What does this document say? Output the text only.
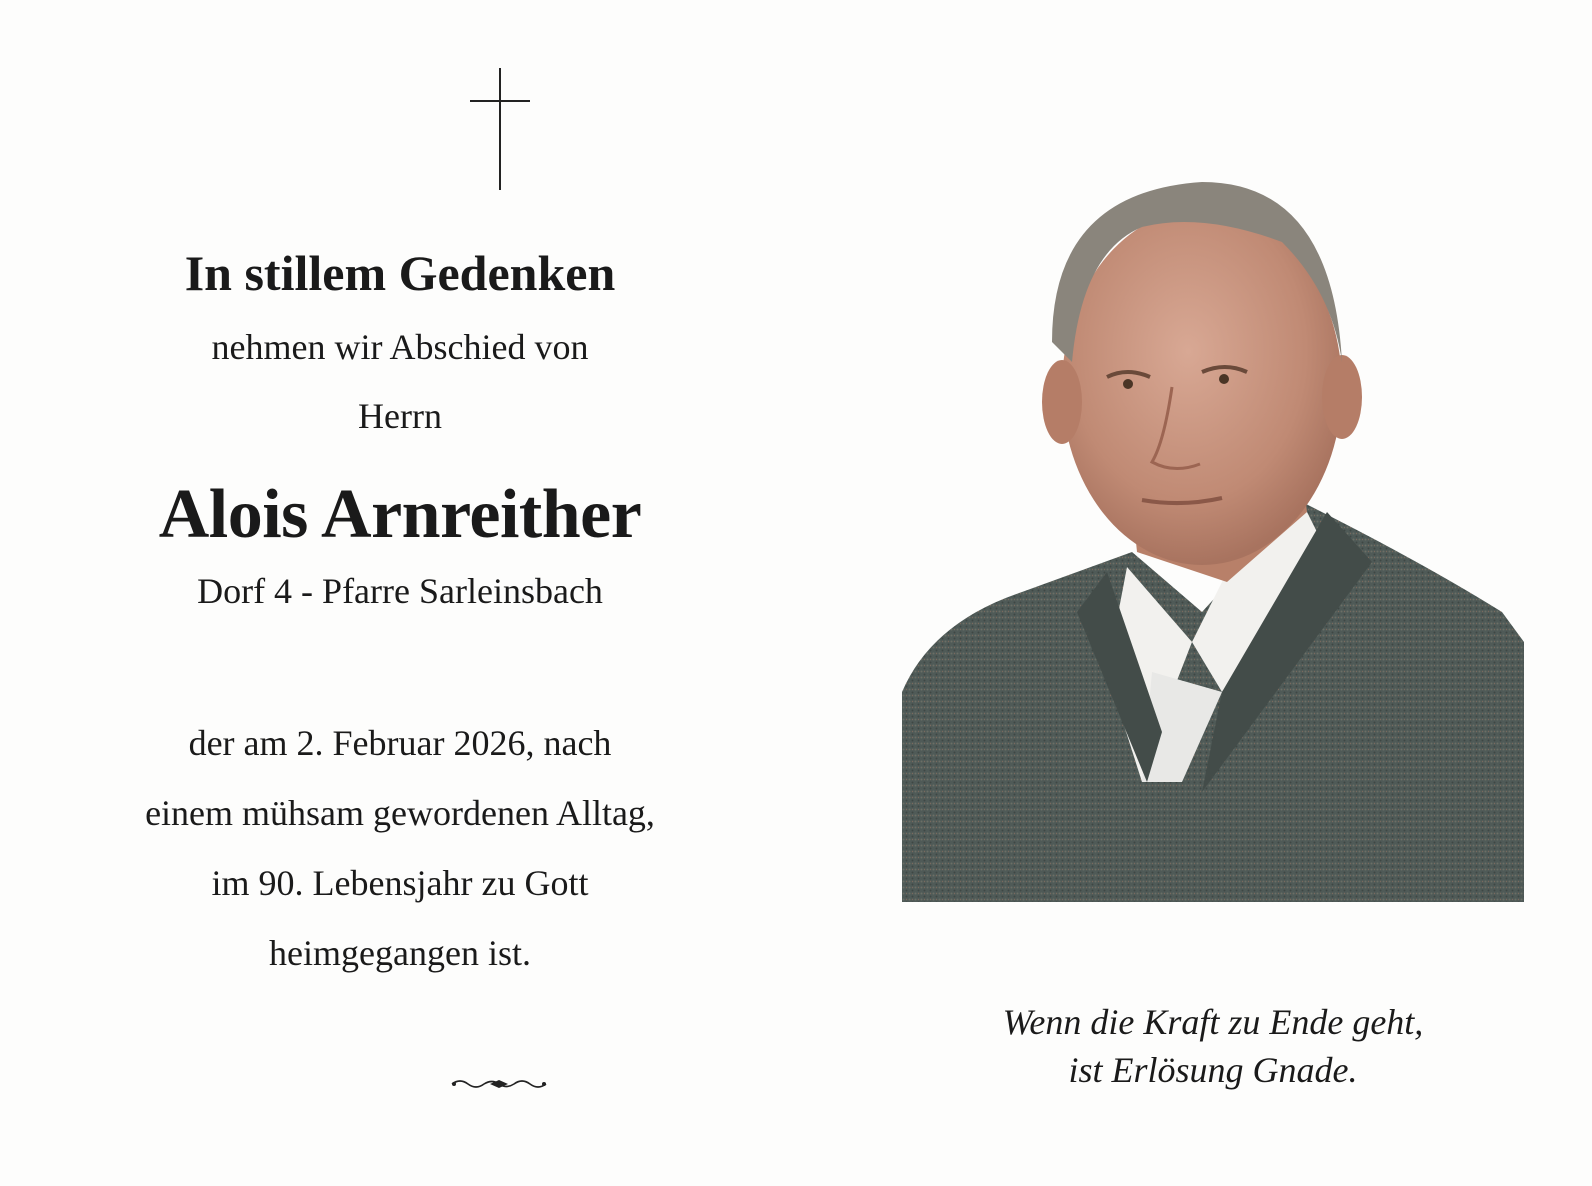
In stillem Gedenken
nehmen wir Abschied von
Herrn
Alois Arnreither
Dorf 4 - Pfarre Sarleinsbach
der am 2. Februar 2026, nach
einem mühsam gewordenen Alltag,
im 90. Lebensjahr zu Gott
heimgegangen ist.
Wenn die Kraft zu Ende geht,
ist Erlösung Gnade.
